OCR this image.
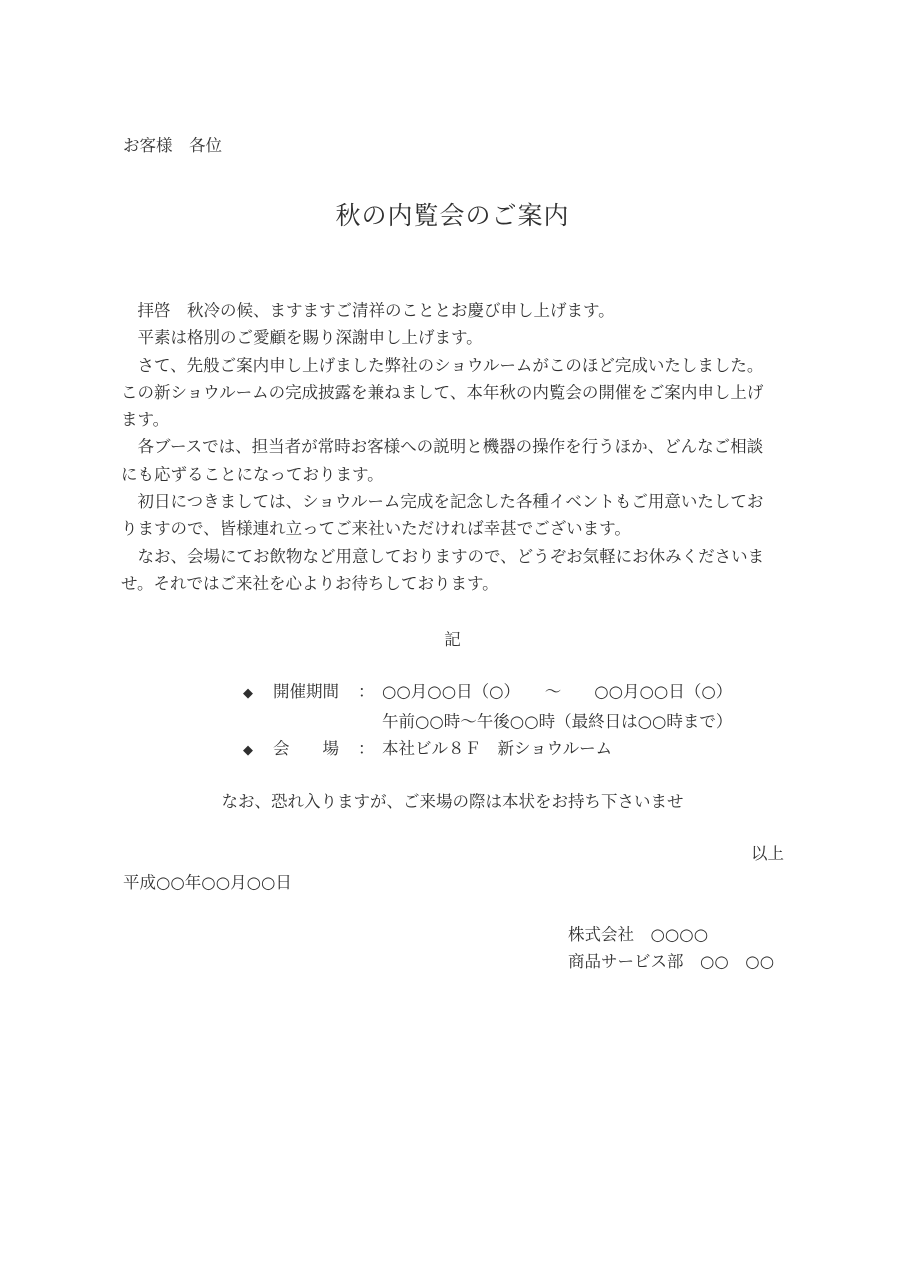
お客様　各位
秋の内覧会のご案内
　拝啓　秋冷の候、ますますご清祥のこととお慶び申し上げます。
　平素は格別のご愛顧を賜り深謝申し上げます。
　さて、先般ご案内申し上げました弊社のショウルームがこのほど完成いたしました。
この新ショウルームの完成披露を兼ねまして、本年秋の内覧会の開催をご案内申し上げ
ます。
　各ブースでは、担当者が常時お客様への説明と機器の操作を行うほか、どんなご相談
にも応ずることになっております。
　初日につきましては、ショウルーム完成を記念した各種イベントもご用意いたしてお
りますので、皆様連れ立ってご来社いただければ幸甚でございます。
　なお、会場にてお飲物など用意しておりますので、どうぞお気軽にお休みくださいま
せ。それではご来社を心よりお待ちしております。
記
◆	開催期間	： ○○月○○日（○）　　～　　○○月○○日（○）
午前○○時～午後○○時（最終日は○○時まで）
◆	会　　場	： 本社ビル８Ｆ　新ショウルーム
なお、恐れ入りますが、ご来場の際は本状をお持ち下さいませ
以上
平成○○年○○月○○日
株式会社　○○○○
商品サービス部　○○　○○
